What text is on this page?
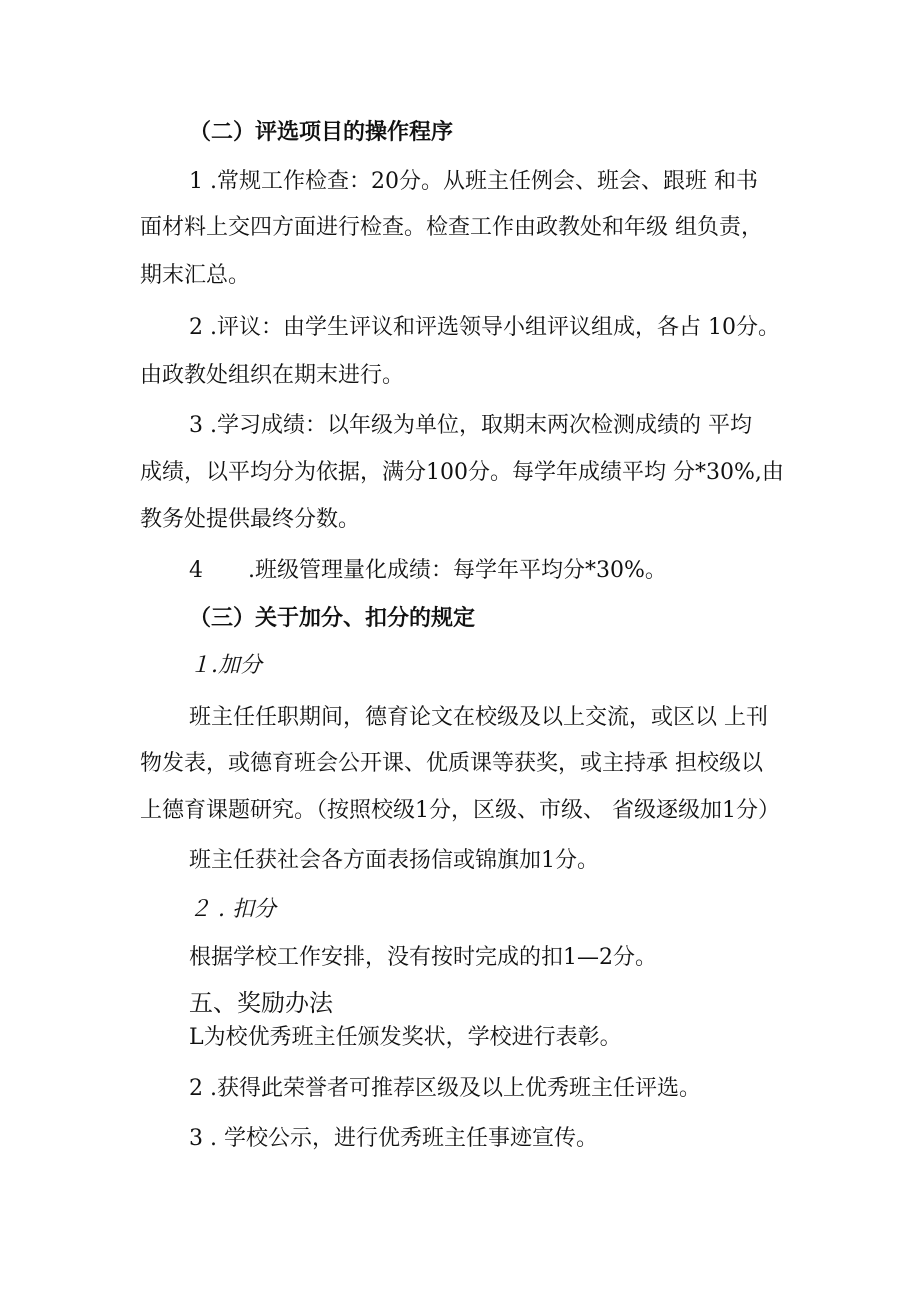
（二）评选项目的操作程序

1 .常规工作检查：20分。从班主任例会、班会、跟班 和书

面材料上交四方面进行检查。检查工作由政教处和年级 组负责，

期末汇总。

2 .评议：由学生评议和评选领导小组评议组成，各占 10分。

由政教处组织在期末进行。

3 .学习成绩：以年级为单位，取期末两次检测成绩的 平均

成绩，以平均分为依据，满分100分。每学年成绩平均 分*30%,由

教务处提供最终分数。

4 .班级管理量化成绩：每学年平均分*30%。

（三）关于加分、扣分的规定

１.加分

班主任任职期间，德育论文在校级及以上交流，或区以 上刊

物发表，或德育班会公开课、优质课等获奖，或主持承 担校级以

上德育课题研究。（按照校级1分，区级、市级、 省级逐级加1分）

班主任获社会各方面表扬信或锦旗加1分。

２ . 扣分

根据学校工作安排，没有按时完成的扣1—2分。

五、奖励办法

L为校优秀班主任颁发奖状，学校进行表彰。

2 .获得此荣誉者可推荐区级及以上优秀班主任评选。

3 . 学校公示，进行优秀班主任事迹宣传。
